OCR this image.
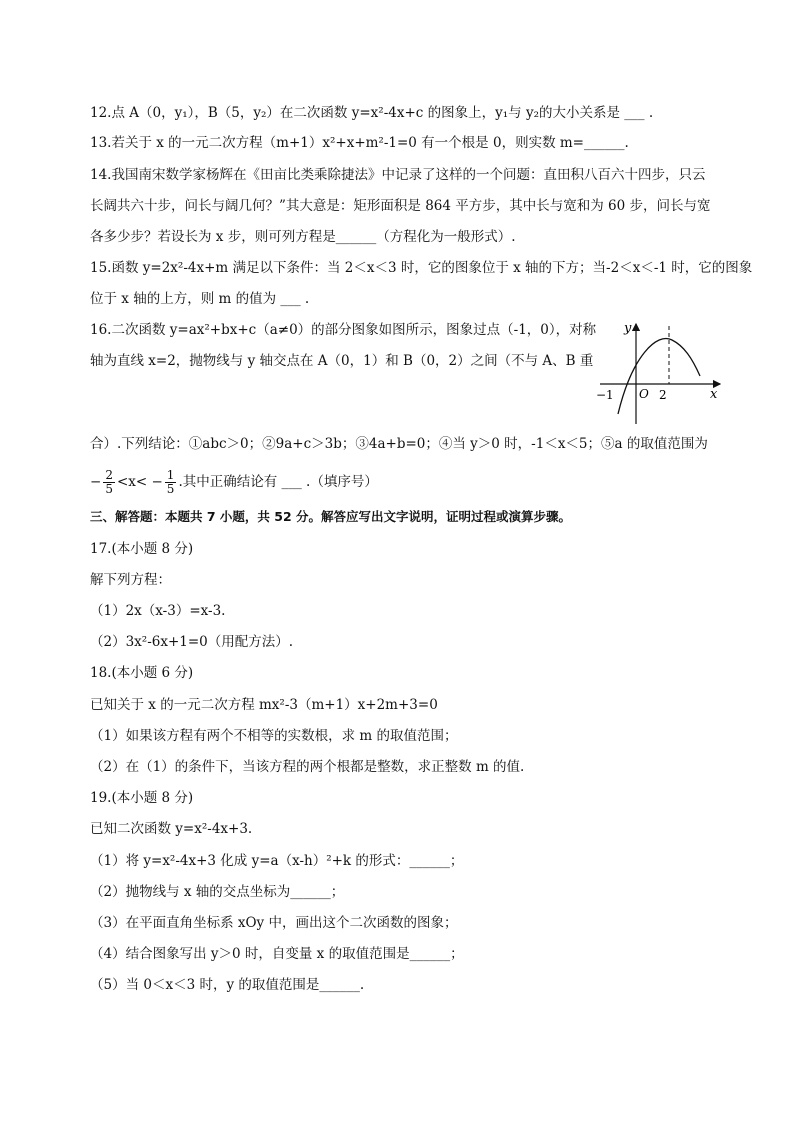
12.点 A（0，y₁），B（5，y₂）在二次函数 y=x²-4x+c 的图象上，y₁与 y₂的大小关系是 ___ .
13.若关于 x 的一元二次方程（m+1）x²+x+m²-1=0 有一个根是 0，则实数 m=______.
14.我国南宋数学家杨辉在《田亩比类乘除捷法》中记录了这样的一个问题：直田积八百六十四步，只云
长阔共六十步，问长与阔几何？”其大意是：矩形面积是 864 平方步，其中长与宽和为 60 步，问长与宽
各多少步？若设长为 x 步，则可列方程是______（方程化为一般形式）.
15.函数 y=2x²-4x+m 满足以下条件：当 2＜x＜3 时，它的图象位于 x 轴的下方；当-2＜x＜-1 时，它的图象
位于 x 轴的上方，则 m 的值为 ___ .
16.二次函数 y=ax²+bx+c（a≠0）的部分图象如图所示，图象过点（-1，0），对称
轴为直线 x=2，抛物线与 y 轴交点在 A（0，1）和 B（0，2）之间（不与 A、B 重
y
x
O
−1	2
合）.下列结论：①abc＞0；②9a+c＞3b；③4a+b=0；④当 y＞0 时，-1＜x＜5；⑤a 的取值范围为
− $\frac{2}{5} <x< - \frac{1}{5}$ .其中正确结论有 ___ .（填序号）
三、解答题：本题共 7 小题，共 52 分。解答应写出文字说明，证明过程或演算步骤。
17.(本小题 8 分)
解下列方程：
（1）2x（x-3）=x-3.
（2）3x²-6x+1=0（用配方法）.
18.(本小题 6 分)
已知关于 x 的一元二次方程 mx²-3（m+1）x+2m+3=0
（1）如果该方程有两个不相等的实数根，求 m 的取值范围；
（2）在（1）的条件下，当该方程的两个根都是整数，求正整数 m 的值.
19.(本小题 8 分)
已知二次函数 y=x²-4x+3.
（1）将 y=x²-4x+3 化成 y=a（x-h）²+k 的形式：______；
（2）抛物线与 x 轴的交点坐标为______；
（3）在平面直角坐标系 xOy 中，画出这个二次函数的图象；
（4）结合图象写出 y＞0 时，自变量 x 的取值范围是______；
（5）当 0＜x＜3 时，y 的取值范围是______.
